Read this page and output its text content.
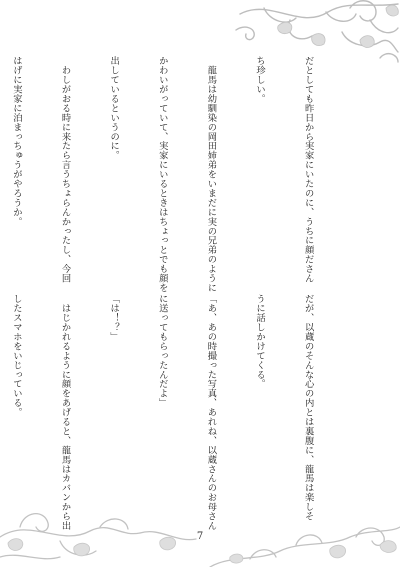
だとしても昨日から実家にいたのに、うちに顔ださん

ち珍しい。

　龍馬は幼馴染の岡田姉弟をいまだに実の兄弟のように

かわいがっていて、実家にいるときはちょっとでも顔を

出しているというのに。

　わしがおる時に来たら言うちょらんかったし、今回

はげに実家に泊まっちゅうがやろうか。

だが、以蔵のそんな心の内とは裏腹に、龍馬は楽しそ

うに話しかけてくる。

「あ、あの時撮った写真、あれね、以蔵さんのお母さん

に送ってもらったんだよ」

「は！？」

　はじかれるように顔をあげると、龍馬はカバンから出

したスマホをいじっている。

7
